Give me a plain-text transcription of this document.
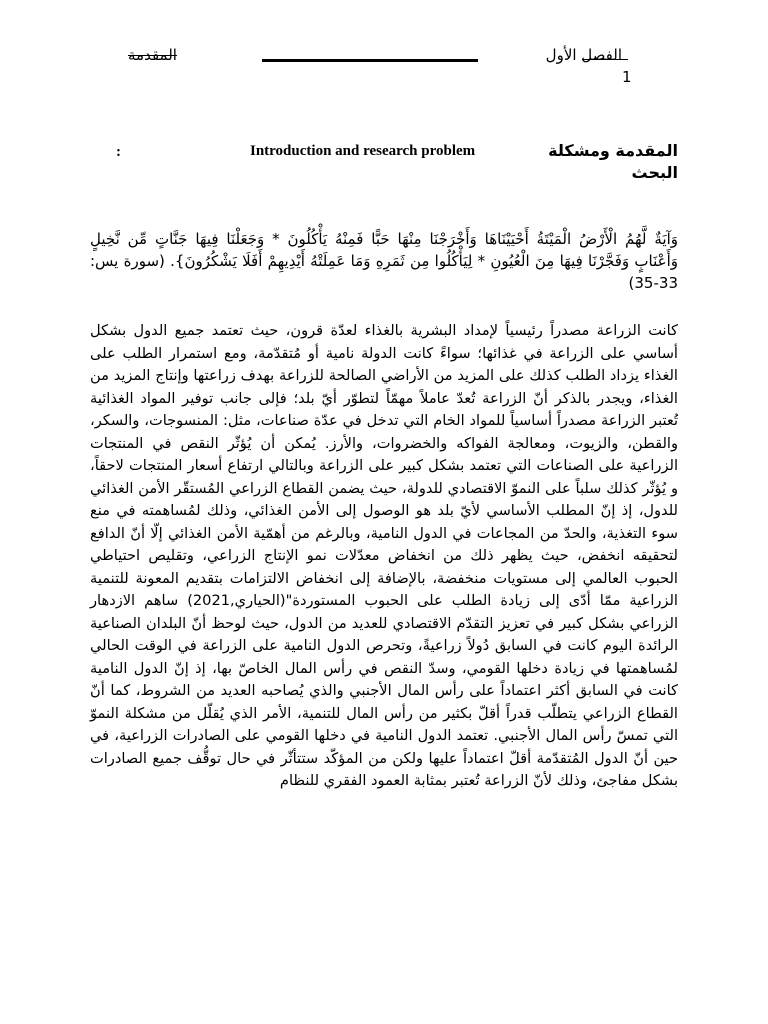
الفصل الأول
المقدمة
1
المقدمة ومشكلة البحث
Introduction and research problem
:
وَآيَةٌ لَّهُمُ الْأَرْضُ الْمَيْتَةُ أَحْيَيْنَاهَا وَأَخْرَجْنَا مِنْهَا حَبًّا فَمِنْهُ يَأْكُلُونَ * وَجَعَلْنَا فِيهَا جَنَّاتٍ مِّن نَّخِيلٍ وَأَعْنَابٍ وَفَجَّرْنَا فِيهَا مِنَ الْعُيُونِ * لِيَأْكُلُوا مِن ثَمَرِهِ وَمَا عَمِلَتْهُ أَيْدِيهِمْ أَفَلَا يَشْكُرُونَ}. (سورة يس: 33-35)
كانت الزراعة مصدراً رئيسياً لإمداد البشرية بالغذاء لعدّة قرون، حيث تعتمد جميع الدول بشكل أساسي على الزراعة في غذائها؛ سواءً كانت الدولة نامية أو مُتقدّمة، ومع استمرار الطلب على الغذاء يزداد الطلب كذلك على المزيد من الأراضي الصالحة للزراعة بهدف زراعتها وإنتاج المزيد من الغذاء، ويجدر بالذكر أنّ الزراعة تُعدّ عاملاً مهمّاً لتطوّر أيّ بلد؛ فإلى جانب توفير المواد الغذائية تُعتبر الزراعة مصدراً أساسياً للمواد الخام التي تدخل في عدّة صناعات، مثل: المنسوجات، والسكر، والقطن، والزيوت، ومعالجة الفواكه والخضروات، والأرز. يُمكن أن يُؤثّر النقص في المنتجات الزراعية على الصناعات التي تعتمد بشكل كبير على الزراعة وبالتالي ارتفاع أسعار المنتجات لاحقاً، و يُؤثّر كذلك سلباً على النموّ الاقتصادي للدولة، حيث يضمن القطاع الزراعي المُستقّر الأمن الغذائي للدول، إذ إنّ المطلب الأساسي لأيّ بلد هو الوصول إلى الأمن الغذائي، وذلك لمُساهمته في منع سوء التغذية، والحدّ من المجاعات في الدول النامية، وبالرغم من أهمّية الأمن الغذائي إلّا أنّ الدافع لتحقيقه انخفض، حيث يظهر ذلك من انخفاض معدّلات نمو الإنتاج الزراعي، وتقليص احتياطي الحبوب العالمي إلى مستويات منخفضة، بالإضافة إلى انخفاض الالتزامات بتقديم المعونة للتنمية الزراعية ممّا أدّى إلى زيادة الطلب على الحبوب المستوردة"(الحياري,2021) ساهم الازدهار الزراعي بشكل كبير في تعزيز التقدّم الاقتصادي للعديد من الدول، حيث لوحظ أنّ البلدان الصناعية الرائدة اليوم كانت في السابق دُولاً زراعيةً، وتحرص الدول النامية على الزراعة في الوقت الحالي لمُساهمتها في زيادة دخلها القومي، وسدّ النقص في رأس المال الخاصّ بها، إذ إنّ الدول النامية كانت في السابق أكثر اعتماداً على رأس المال الأجنبي والذي يُصاحبه العديد من الشروط، كما أنّ القطاع الزراعي يتطلّب قدراً أقلّ بكثير من رأس المال للتنمية، الأمر الذي يُقلّل من مشكلة النموّ التي تمسّ رأس المال الأجنبي. تعتمد الدول النامية في دخلها القومي على الصادرات الزراعية، في حين أنّ الدول المُتقدّمة أقلّ اعتماداً عليها ولكن من المؤكّد ستتأثّر في حال توقُّف جميع الصادرات بشكل مفاجئ، وذلك لأنّ الزراعة تُعتبر بمثابة العمود الفقري للنظام
